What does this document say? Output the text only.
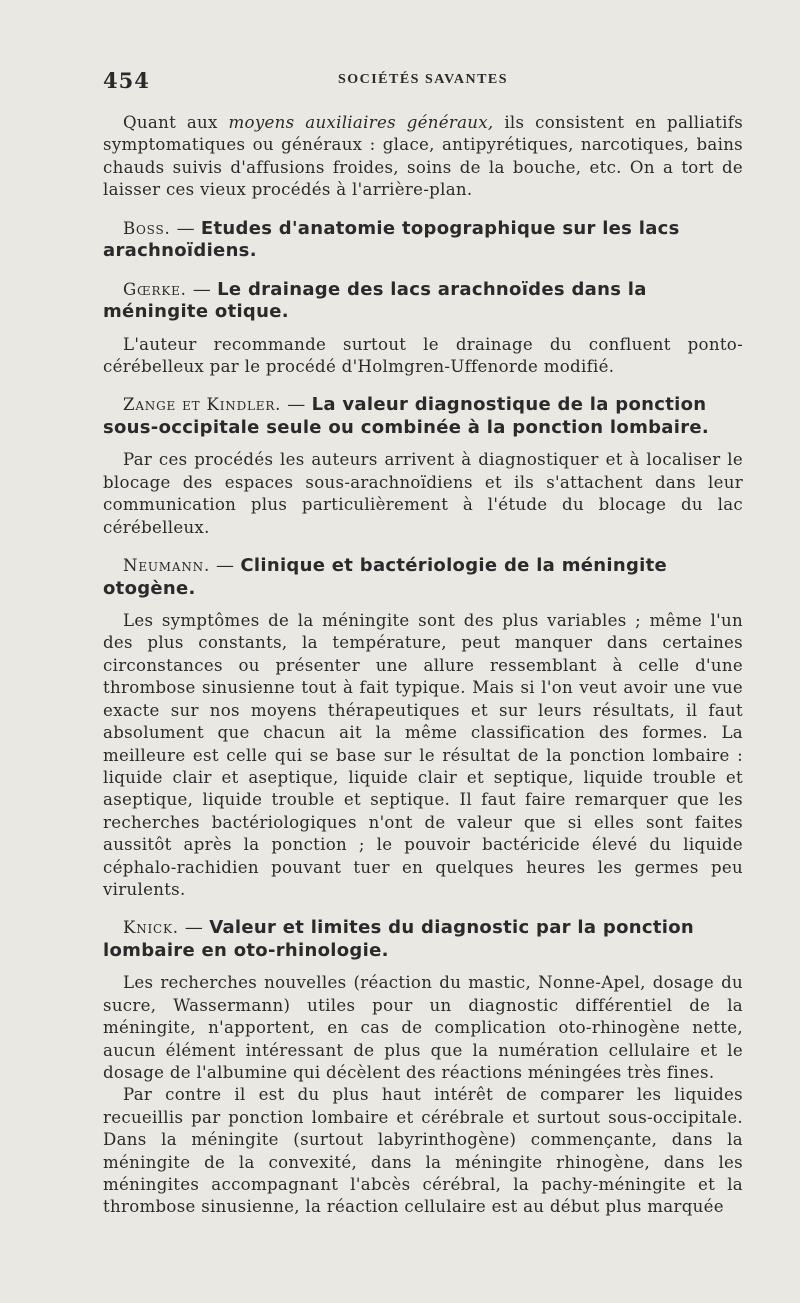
454	SOCIÉTÉS SAVANTES

Quant aux moyens auxiliaires généraux, ils consistent en palliatifs symptomatiques ou généraux : glace, antipyrétiques, narcotiques, bains chauds suivis d'affusions froides, soins de la bouche, etc. On a tort de laisser ces vieux procédés à l'arrière-plan.

Boss. — Etudes d'anatomie topographique sur les lacs arachnoïdiens.

Gœrke. — Le drainage des lacs arachnoïdes dans la méningite otique.

L'auteur recommande surtout le drainage du confluent ponto-cérébelleux par le procédé d'Holmgren-Uffenorde modifié.

Zange et Kindler. — La valeur diagnostique de la ponction sous-occipitale seule ou combinée à la ponction lombaire.

Par ces procédés les auteurs arrivent à diagnostiquer et à localiser le blocage des espaces sous-arachnoïdiens et ils s'attachent dans leur communication plus particulièrement à l'étude du blocage du lac cérébelleux.

Neumann. — Clinique et bactériologie de la méningite otogène.

Les symptômes de la méningite sont des plus variables ; même l'un des plus constants, la température, peut manquer dans certaines circonstances ou présenter une allure ressemblant à celle d'une thrombose sinusienne tout à fait typique. Mais si l'on veut avoir une vue exacte sur nos moyens thérapeutiques et sur leurs résultats, il faut absolument que chacun ait la même classification des formes. La meilleure est celle qui se base sur le résultat de la ponction lombaire : liquide clair et aseptique, liquide clair et septique, liquide trouble et aseptique, liquide trouble et septique. Il faut faire remarquer que les recherches bactériologiques n'ont de valeur que si elles sont faites aussitôt après la ponction ; le pouvoir bactéricide élevé du liquide céphalo-rachidien pouvant tuer en quelques heures les germes peu virulents.

Knick. — Valeur et limites du diagnostic par la ponction lombaire en oto-rhinologie.

Les recherches nouvelles (réaction du mastic, Nonne-Apel, dosage du sucre, Wassermann) utiles pour un diagnostic différentiel de la méningite, n'apportent, en cas de complication oto-rhinogène nette, aucun élément intéressant de plus que la numération cellulaire et le dosage de l'albumine qui décèlent des réactions méningées très fines.

Par contre il est du plus haut intérêt de comparer les liquides recueillis par ponction lombaire et cérébrale et surtout sous-occipitale. Dans la méningite (surtout labyrinthogène) commençante, dans la méningite de la convexité, dans la méningite rhinogène, dans les méningites accompagnant l'abcès cérébral, la pachy-méningite et la thrombose sinusienne, la réaction cellulaire est au début plus marquée
